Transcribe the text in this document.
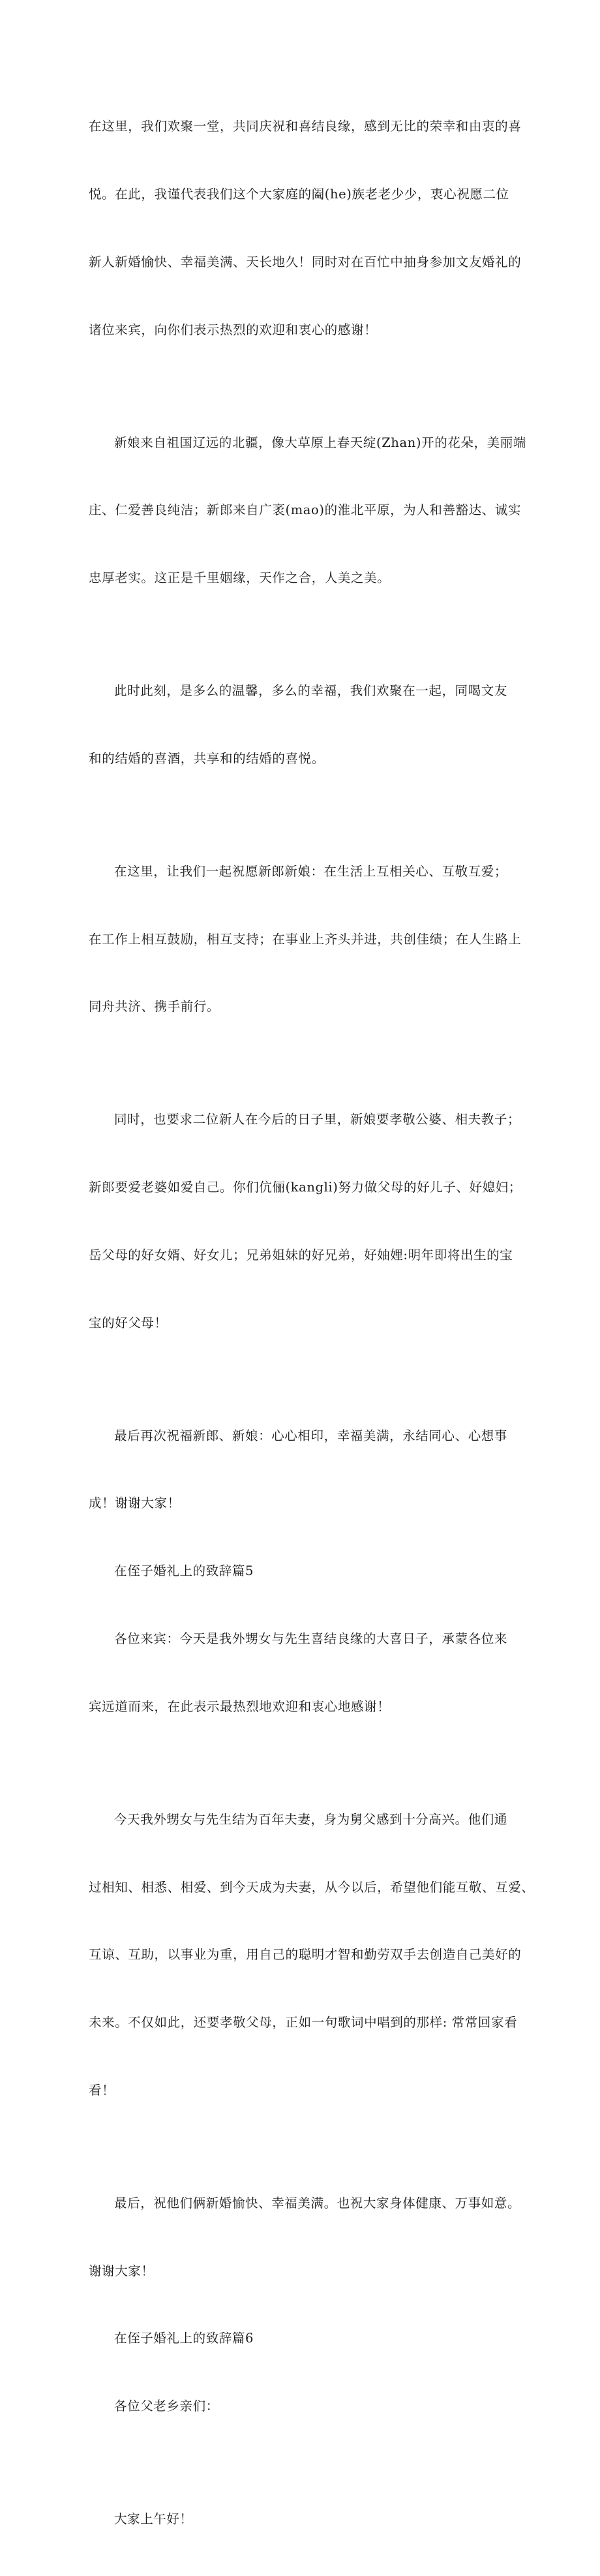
在这里，我们欢聚一堂，共同庆祝和喜结良缘，感到无比的荣幸和由衷的喜

悦。在此，我谨代表我们这个大家庭的阖(he)族老老少少，衷心祝愿二位

新人新婚愉快、幸福美满、天长地久！同时对在百忙中抽身参加文友婚礼的

诸位来宾，向你们表示热烈的欢迎和衷心的感谢！

新娘来自祖国辽远的北疆，像大草原上春天绽(Zhan)开的花朵，美丽端

庄、仁爱善良纯洁；新郎来自广袤(mao)的淮北平原，为人和善豁达、诚实

忠厚老实。这正是千里姻缘，天作之合，人美之美。

此时此刻，是多么的温馨，多么的幸福，我们欢聚在一起，同喝文友

和的结婚的喜酒，共享和的结婚的喜悦。

在这里，让我们一起祝愿新郎新娘：在生活上互相关心、互敬互爱；

在工作上相互鼓励，相互支持；在事业上齐头并进，共创佳绩；在人生路上

同舟共济、携手前行。

同时，也要求二位新人在今后的日子里，新娘要孝敬公婆、相夫教子；

新郎要爱老婆如爱自己。你们伉俪(kangli)努力做父母的好儿子、好媳妇；

岳父母的好女婿、好女儿；兄弟姐妹的好兄弟，好妯娌:明年即将出生的宝

宝的好父母！

最后再次祝福新郎、新娘：心心相印，幸福美满，永结同心、心想事

成！谢谢大家！

在侄子婚礼上的致辞篇5

各位来宾：今天是我外甥女与先生喜结良缘的大喜日子，承蒙各位来

宾远道而来，在此表示最热烈地欢迎和衷心地感谢！

今天我外甥女与先生结为百年夫妻，身为舅父感到十分高兴。他们通

过相知、相悉、相爱、到今天成为夫妻，从今以后，希望他们能互敬、互爱、

互谅、互助，以事业为重，用自己的聪明才智和勤劳双手去创造自己美好的

未来。不仅如此，还要孝敬父母，正如一句歌词中唱到的那样: 常常回家看

看！

最后，祝他们俩新婚愉快、幸福美满。也祝大家身体健康、万事如意。

谢谢大家！

在侄子婚礼上的致辞篇6

各位父老乡亲们：

大家上午好！
